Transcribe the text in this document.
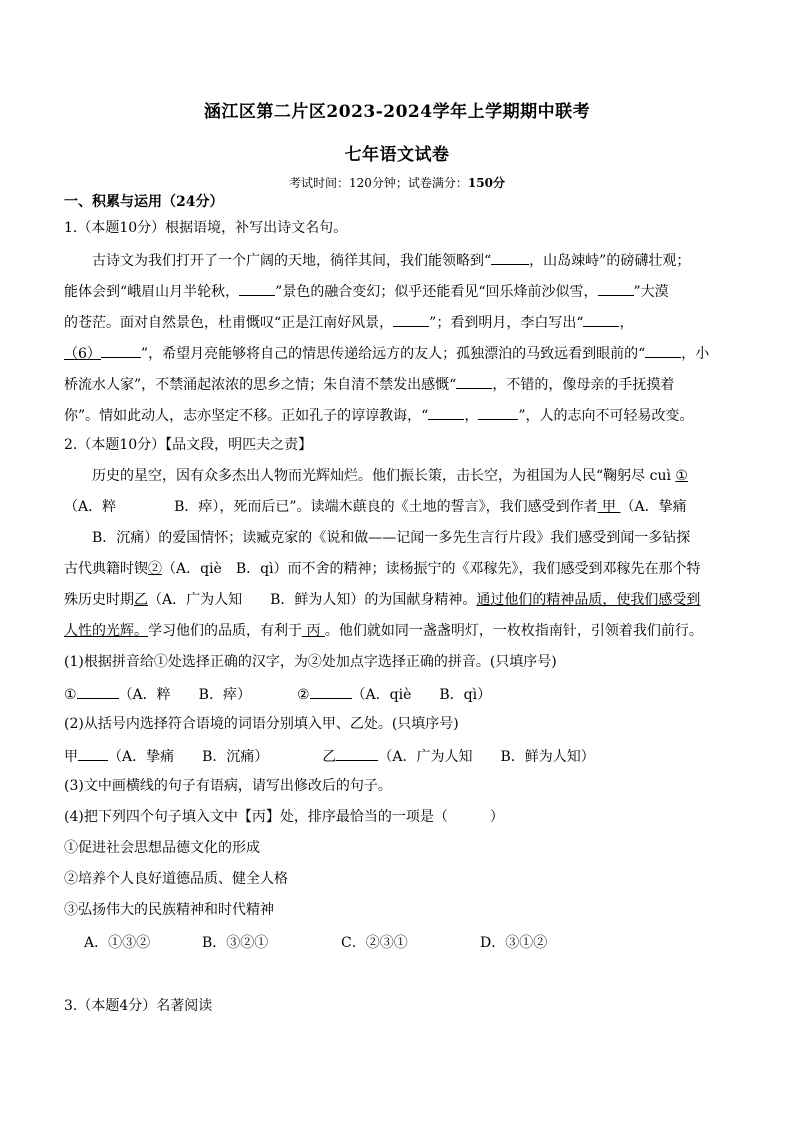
涵江区第二片区2023-2024学年上学期期中联考
七年语文试卷
考试时间：120分钟；试卷满分：150分
一、积累与运用（24分）
1.（本题10分）根据语境，补写出诗文名句。
古诗文为我们打开了一个广阔的天地，徜徉其间，我们能领略到“	，山岛竦峙”的磅礴壮观；
能体会到“峨眉山月半轮秋，	”景色的融合变幻；似乎还能看见“回乐烽前沙似雪，	”大漠
的苍茫。面对自然景色，杜甫慨叹“正是江南好风景，	”；看到明月，李白写出“	，
（6）	”，希望月亮能够将自己的情思传递给远方的友人；孤独漂泊的马致远看到眼前的“	，小
桥流水人家”，不禁涌起浓浓的思乡之情；朱自清不禁发出感慨“	，不错的，像母亲的手抚摸着
你”。情如此动人，志亦坚定不移。正如孔子的谆谆教诲，“	，	”，人的志向不可轻易改变。
2.（本题10分）【品文段，明匹夫之责】
历史的星空，因有众多杰出人物而光辉灿烂。他们振长策，击长空，为祖国为人民“鞠躬尽 cuì ①
（A．粹	B．瘁），死而后已”。读端木蕻良的《土地的誓言》，我们感受到作者 甲 （A．挚痛
B．沉痛）的爱国情怀；读臧克家的《说和做——记闻一多先生言行片段》我们感受到闻一多钻探
古代典籍时锲②（A．qiè　B．qì）而不舍的精神；读杨振宁的《邓稼先》，我们感受到邓稼先在那个特
殊历史时期乙（A．广为人知　　B．鲜为人知）的为国献身精神。通过他们的精神品质，使我们感受到
人性的光辉。学习他们的品质，有利于 丙 。他们就如同一盏盏明灯，一枚枚指南针，引领着我们前行。
(1)根据拼音给①处选择正确的汉字，为②处加点字选择正确的拼音。(只填序号)
①	（A．粹　　B．瘁）	②	（A．qiè　　B．qì）
(2)从括号内选择符合语境的词语分别填入甲、乙处。(只填序号)
甲 （A．挚痛　　B．沉痛）	乙	（A．广为人知　　B．鲜为人知）
(3)文中画横线的句子有语病，请写出修改后的句子。
(4)把下列四个句子填入文中【丙】处，排序最恰当的一项是（　　　）
①促进社会思想品德文化的形成
②培养个人良好道德品质、健全人格
③弘扬伟大的民族精神和时代精神
A．①③②	B．③②①	C．②③①	D．③①②
3.（本题4分）名著阅读
